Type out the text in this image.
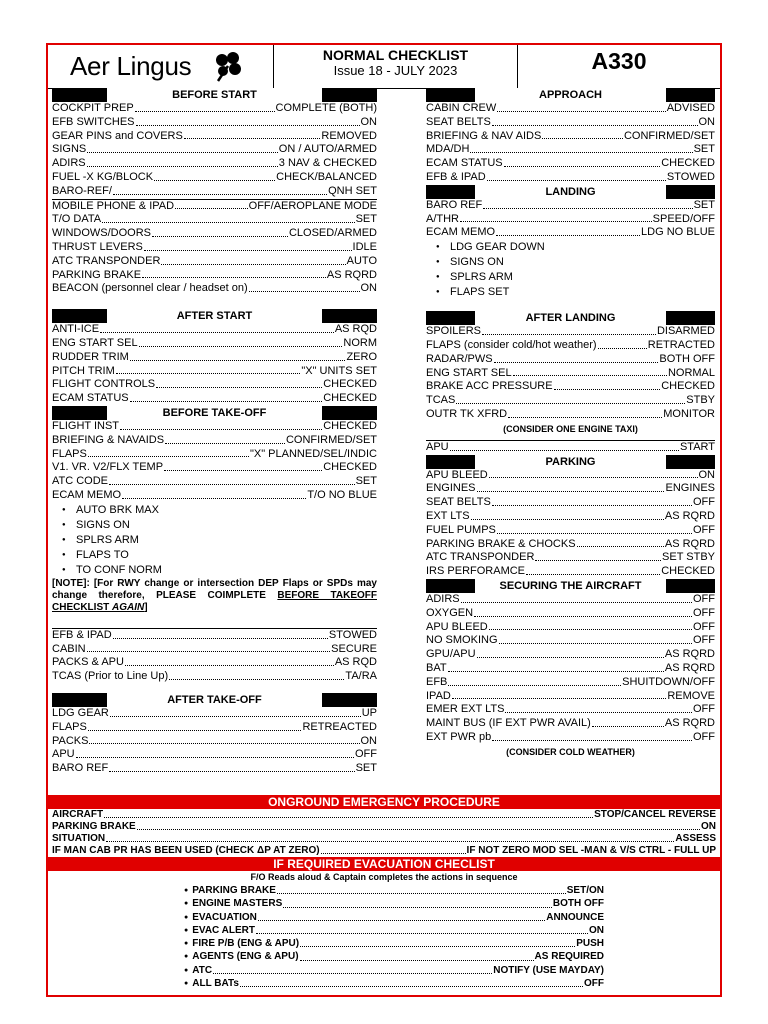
Aer Lingus	NORMAL CHECKLIST
Issue 18 - JULY 2023	A330
BEFORE START
COCKPIT PREP	COMPLETE (BOTH)
EFB SWITCHES	ON
GEAR PINS and COVERS	REMOVED
SIGNS	ON / AUTO/ARMED
ADIRS	3 NAV & CHECKED
FUEL -X KG/BLOCK	CHECK/BALANCED
BARO-REF/	QNH SET
MOBILE PHONE & IPAD	OFF/AEROPLANE MODE
T/O DATA	SET
WINDOWS/DOORS	CLOSED/ARMED
THRUST LEVERS	IDLE
ATC TRANSPONDER	AUTO
PARKING BRAKE	AS RQRD
BEACON (personnel clear / headset on)	ON
AFTER START
ANTI-ICE	AS RQD
ENG START SEL	NORM
RUDDER TRIM	ZERO
PITCH TRIM	"X" UNITS SET
FLIGHT CONTROLS	CHECKED
ECAM STATUS	CHECKED
BEFORE TAKE-OFF
FLIGHT INST	CHECKED
BRIEFING & NAVAIDS	CONFIRMED/SET
FLAPS	"X" PLANNED/SEL/INDIC
V1. VR. V2/FLX TEMP	CHECKED
ATC CODE	SET
ECAM MEMO	T/O NO BLUE
● AUTO BRK MAX
● SIGNS ON
● SPLRS ARM
● FLAPS TO
● TO CONF NORM
[NOTE]: [For RWY change or intersection DEP Flaps or SPDs may change therefore, PLEASE COIMPLETE BEFORE TAKEOFF CHECKLIST AGAIN]
EFB & IPAD	STOWED
CABIN	SECURE
PACKS & APU	AS RQD
TCAS (Prior to Line Up)	TA/RA
AFTER TAKE-OFF
LDG GEAR	UP
FLAPS	RETREACTED
PACKS	ON
APU	OFF
BARO REF	SET
APPROACH
CABIN CREW	ADVISED
SEAT BELTS	ON
BRIEFING & NAV AIDS	CONFIRMED/SET
MDA/DH	SET
ECAM STATUS	CHECKED
EFB & IPAD	STOWED
LANDING
BARO REF	SET
A/THR	SPEED/OFF
ECAM MEMO	LDG NO BLUE
● LDG GEAR DOWN
● SIGNS ON
● SPLRS ARM
● FLAPS SET
AFTER LANDING
SPOILERS	DISARMED
FLAPS (consider cold/hot weather)	RETRACTED
RADAR/PWS	BOTH OFF
ENG START SEL	NORMAL
BRAKE ACC PRESSURE	CHECKED
TCAS	STBY
OUTR TK XFRD	MONITOR
(CONSIDER ONE ENGINE TAXI)
APU	START
PARKING
APU BLEED	ON
ENGINES	ENGINES
SEAT BELTS	OFF
EXT LTS	AS RQRD
FUEL PUMPS	OFF
PARKING BRAKE & CHOCKS	AS RQRD
ATC TRANSPONDER	SET STBY
IRS PERFORAMCE	CHECKED
SECURING THE AIRCRAFT
ADIRS	OFF
OXYGEN	OFF
APU BLEED	OFF
NO SMOKING	OFF
GPU/APU	AS RQRD
BAT	AS RQRD
EFB	SHUITDOWN/OFF
IPAD	REMOVE
EMER EXT LTS	OFF
MAINT BUS (IF EXT PWR AVAIL)	AS RQRD
EXT PWR pb	OFF
(CONSIDER COLD WEATHER)
ONGROUND EMERGENCY PROCEDURE
AIRCRAFT	STOP/CANCEL REVERSE
PARKING BRAKE	ON
SITUATION	ASSESS
IF MAN CAB PR HAS BEEN USED (CHECK ΔP AT ZERO)	IF NOT ZERO MOD SEL -MAN & V/S CTRL - FULL UP
IF REQUIRED EVACUATION CHECLIST
F/O Reads aloud & Captain completes the actions in sequence
● PARKING BRAKE	SET/ON
● ENGINE MASTERS	BOTH OFF
● EVACUATION	ANNOUNCE
● EVAC ALERT	ON
● FIRE P/B (ENG & APU)	PUSH
● AGENTS (ENG & APU)	AS REQUIRED
● ATC	NOTIFY (USE MAYDAY)
● ALL BATs	OFF
